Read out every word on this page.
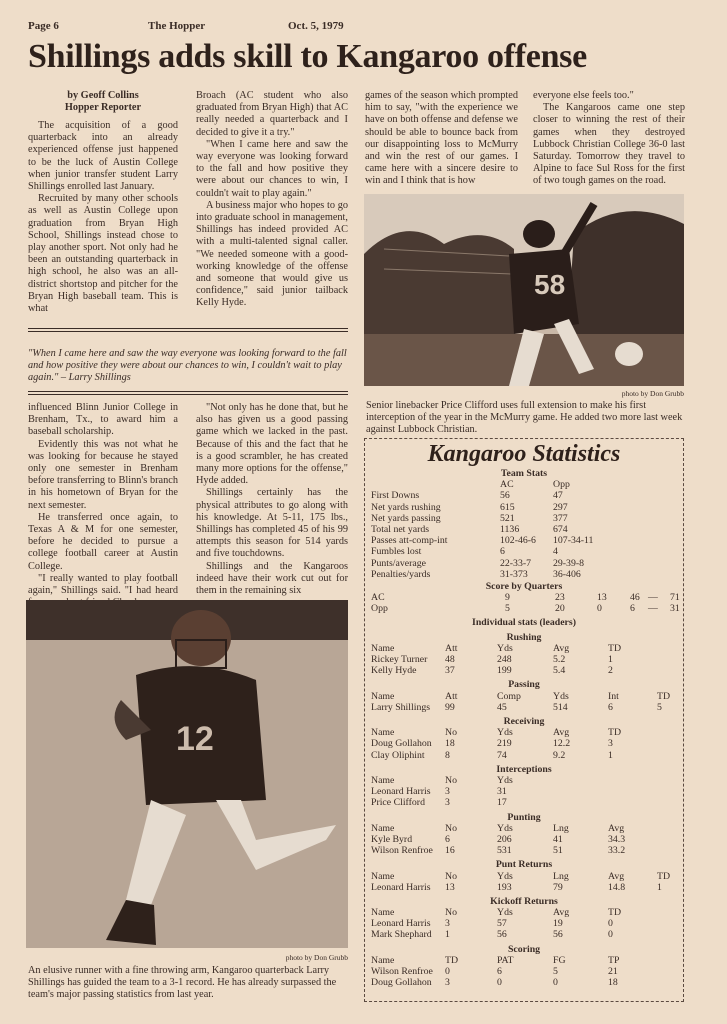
Page 6	The Hopper	Oct. 5, 1979
Shillings adds skill to Kangaroo offense
by Geoff Collins
Hopper Reporter

The acquisition of a good quarterback into an already experienced offense just happened to be the luck of Austin College when junior transfer student Larry Shillings enrolled last January.

Recruited by many other schools as well as Austin College upon graduation from Bryan High School, Shillings instead chose to play another sport. Not only had he been an outstanding quarterback in high school, he also was an all-district shortstop and pitcher for the Bryan High baseball team. This is what

Broach (AC student who also graduated from Bryan High) that AC really needed a quarterback and I decided to give it a try."

"When I came here and saw the way everyone was looking forward to the fall and how positive they were about our chances to win, I couldn't wait to play again."

A business major who hopes to go into graduate school in management, Shillings has indeed provided AC with a multi-talented signal caller. "We needed someone with a good-working knowledge of the offense and someone that would give us confidence," said junior tailback Kelly Hyde.

games of the season which prompted him to say, "with the experience we have on both offense and defense we should be able to bounce back from our disappointing loss to McMurry and win the rest of our games. I came here with a sincere desire to win and I think that is how

everyone else feels too."

The Kangaroos came one step closer to winning the rest of their games when they destroyed Lubbock Christian College 36-0 last Saturday. Tomorrow they travel to Alpine to face Sul Ross for the first of two tough games on the road.

"When I came here and saw the way everyone was looking forward to the fall and how positive they were about our chances to win, I couldn't wait to play again." – Larry Shillings

influenced Blinn Junior College in Brenham, Tx., to award him a baseball scholarship.

Evidently this was not what he was looking for because he stayed only one semester in Brenham before transferring to Blinn's branch in his hometown of Bryan for the next semester.

He transferred once again, to Texas A & M for one semester, before he decided to pursue a college football career at Austin College.

"I really wanted to play football again," Shillings said. "I had heard

"Not only has he done that, but he also has given us a good passing game which we lacked in the past. Because of this and the fact that he is a good scrambler, he has created many more options for the offense," Hyde added.

Shillings certainly has the physical attributes to go along with his knowledge. At 5-11, 175 lbs., Shillings has completed 45 of his 99 attempts this season for 514 yards and five touchdowns.

Shillings and the Kangaroos indeed have their work cut out for them in the remaining six

58
photo by Don Grubb
Senior linebacker Price Clifford uses full extension to make his first interception of the year in the McMurry game. He added two more last week against Lubbock Christian.
12
photo by Don Grubb
An elusive runner with a fine throwing arm, Kangaroo quarterback Larry Shillings has guided the team to a 3-1 record. He has already surpassed the team's major passing statistics from last year.
Kangaroo Statistics
Team Stats
AC	Opp
First Downs	56	47
Net yards rushing	615	297
Net yards passing	521	377
Total net yards	1136	674
Passes att-comp-int	102-46-6 107-34-11
Fumbles lost	6	4
Punts/average	22-33-7 29-39-8
Penalties/yards	31-373	36-406
Score by Quarters
AC	9	23	13 46 — 71
Opp	5	20	0	6 — 31
Individual stats (leaders)
Rushing
Name	Att	Yds	Avg	TD
Rickey Turner 48	248	5.2	1
Kelly Hyde	37	199	5.4	2
Passing
Name	Att	Comp	Yds	Int	TD
Larry Shillings 99	45	514	6	5
Receiving
Name	No	Yds	Avg	TD
Doug Gollahon 18	219	12.2	3
Clay Oliphint 8	74	9.2	1
Interceptions
Name	No	Yds
Leonard Harris 3	31
Price Clifford 3	17
Punting
Name	No	Yds	Lng	Avg
Kyle Byrd	6	206	41	34.3
Wilson Renfroe 16	531	51	33.2
Punt Returns
Name	No	Yds	Lng	Avg	TD
Leonard Harris 13	193	79	14.8	1
Kickoff Returns
Name	No	Yds	Avg	TD
Leonard Harris 3	57	19	0
Mark Shephard 1	56	56	0
Scoring
Name	TD	PAT	FG	TP
Wilson Renfroe 0	6	5	21
Doug Gollahon 3	0	0	18
